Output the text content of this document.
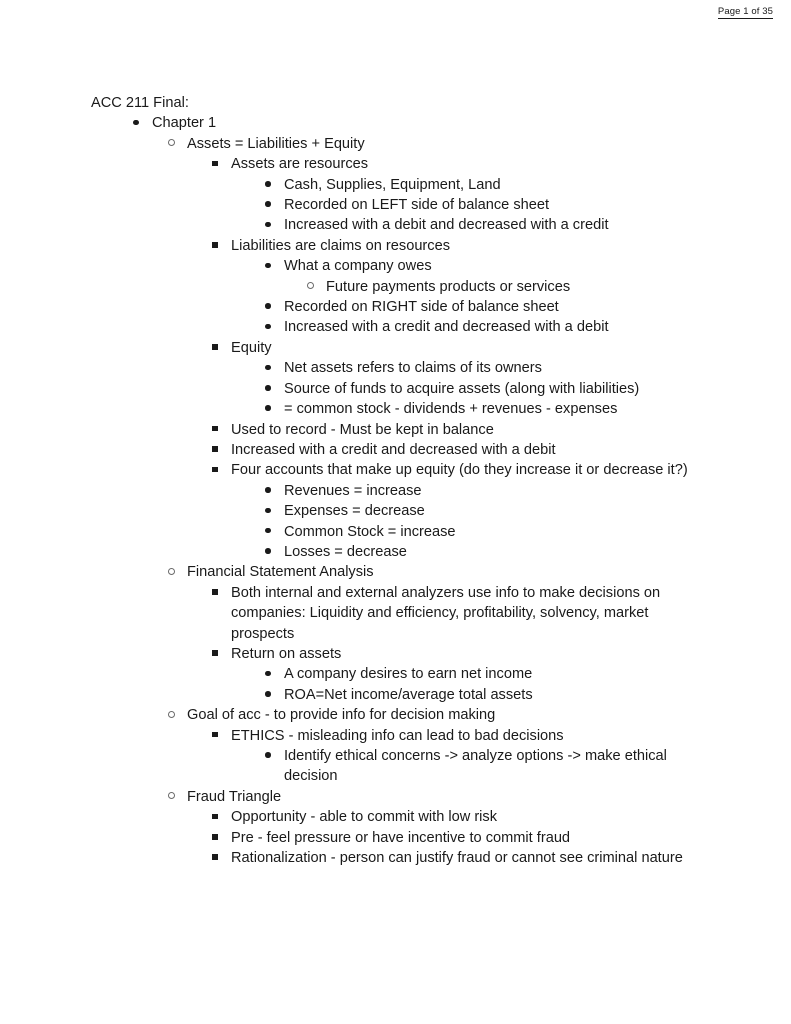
Page 1 of 35

ACC 211 Final:

Chapter 1
Assets = Liabilities + Equity
Assets are resources
Cash, Supplies, Equipment, Land
Recorded on LEFT side of balance sheet
Increased with a debit and decreased with a credit
Liabilities are claims on resources
What a company owes
Future payments products or services
Recorded on RIGHT side of balance sheet
Increased with a credit and decreased with a debit
Equity
Net assets refers to claims of its owners
Source of funds to acquire assets (along with liabilities)
= common stock - dividends + revenues - expenses
Used to record - Must be kept in balance
Increased with a credit and decreased with a debit
Four accounts that make up equity (do they increase it or decrease it?)
Revenues = increase
Expenses = decrease
Common Stock = increase
Losses = decrease
Financial Statement Analysis
Both internal and external analyzers use info to make decisions on companies: Liquidity and efficiency, profitability, solvency, market prospects
Return on assets
A company desires to earn net income
ROA=Net income/average total assets
Goal of acc - to provide info for decision making
ETHICS - misleading info can lead to bad decisions
Identify ethical concerns -> analyze options -> make ethical decision
Fraud Triangle
Opportunity - able to commit with low risk
Pre - feel pressure or have incentive to commit fraud
Rationalization - person can justify fraud or cannot see criminal nature
